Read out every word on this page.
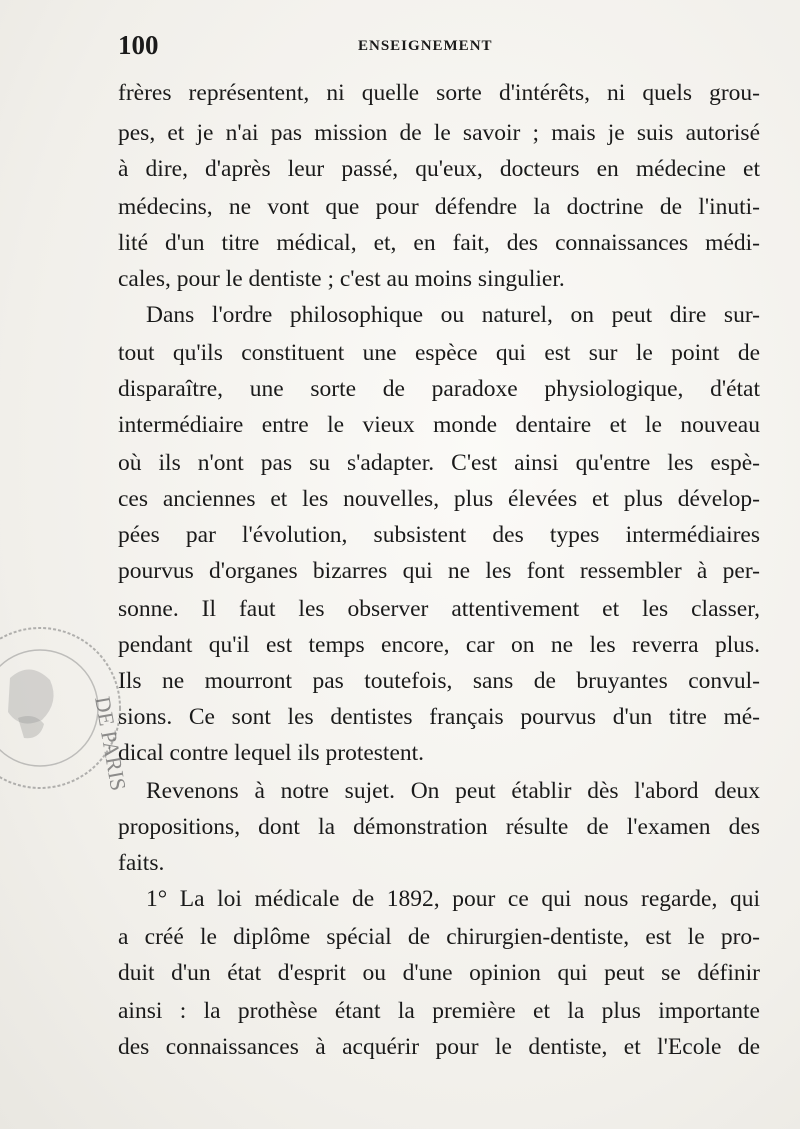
100	ENSEIGNEMENT
frères représentent, ni quelle sorte d'intérêts, ni quels grou-
pes, et je n'ai pas mission de le savoir ; mais je suis autorisé
à dire, d'après leur passé, qu'eux, docteurs en médecine et
médecins, ne vont que pour défendre la doctrine de l'inuti-
lité d'un titre médical, et, en fait, des connaissances médi-
cales, pour le dentiste ; c'est au moins singulier.
Dans l'ordre philosophique ou naturel, on peut dire sur-
tout qu'ils constituent une espèce qui est sur le point de
disparaître, une sorte de paradoxe physiologique, d'état
intermédiaire entre le vieux monde dentaire et le nouveau
où ils n'ont pas su s'adapter. C'est ainsi qu'entre les espè-
ces anciennes et les nouvelles, plus élevées et plus dévelop-
pées par l'évolution, subsistent des types intermédiaires
pourvus d'organes bizarres qui ne les font ressembler à per-
sonne. Il faut les observer attentivement et les classer,
pendant qu'il est temps encore, car on ne les reverra plus.
Ils ne mourront pas toutefois, sans de bruyantes convul-
sions. Ce sont les dentistes français pourvus d'un titre mé-
dical contre lequel ils protestent.
Revenons à notre sujet. On peut établir dès l'abord deux
propositions, dont la démonstration résulte de l'examen des
faits.
1° La loi médicale de 1892, pour ce qui nous regarde, qui
a créé le diplôme spécial de chirurgien-dentiste, est le pro-
duit d'un état d'esprit ou d'une opinion qui peut se définir
ainsi : la prothèse étant la première et la plus importante
des connaissances à acquérir pour le dentiste, et l'Ecole de
DE PARIS
